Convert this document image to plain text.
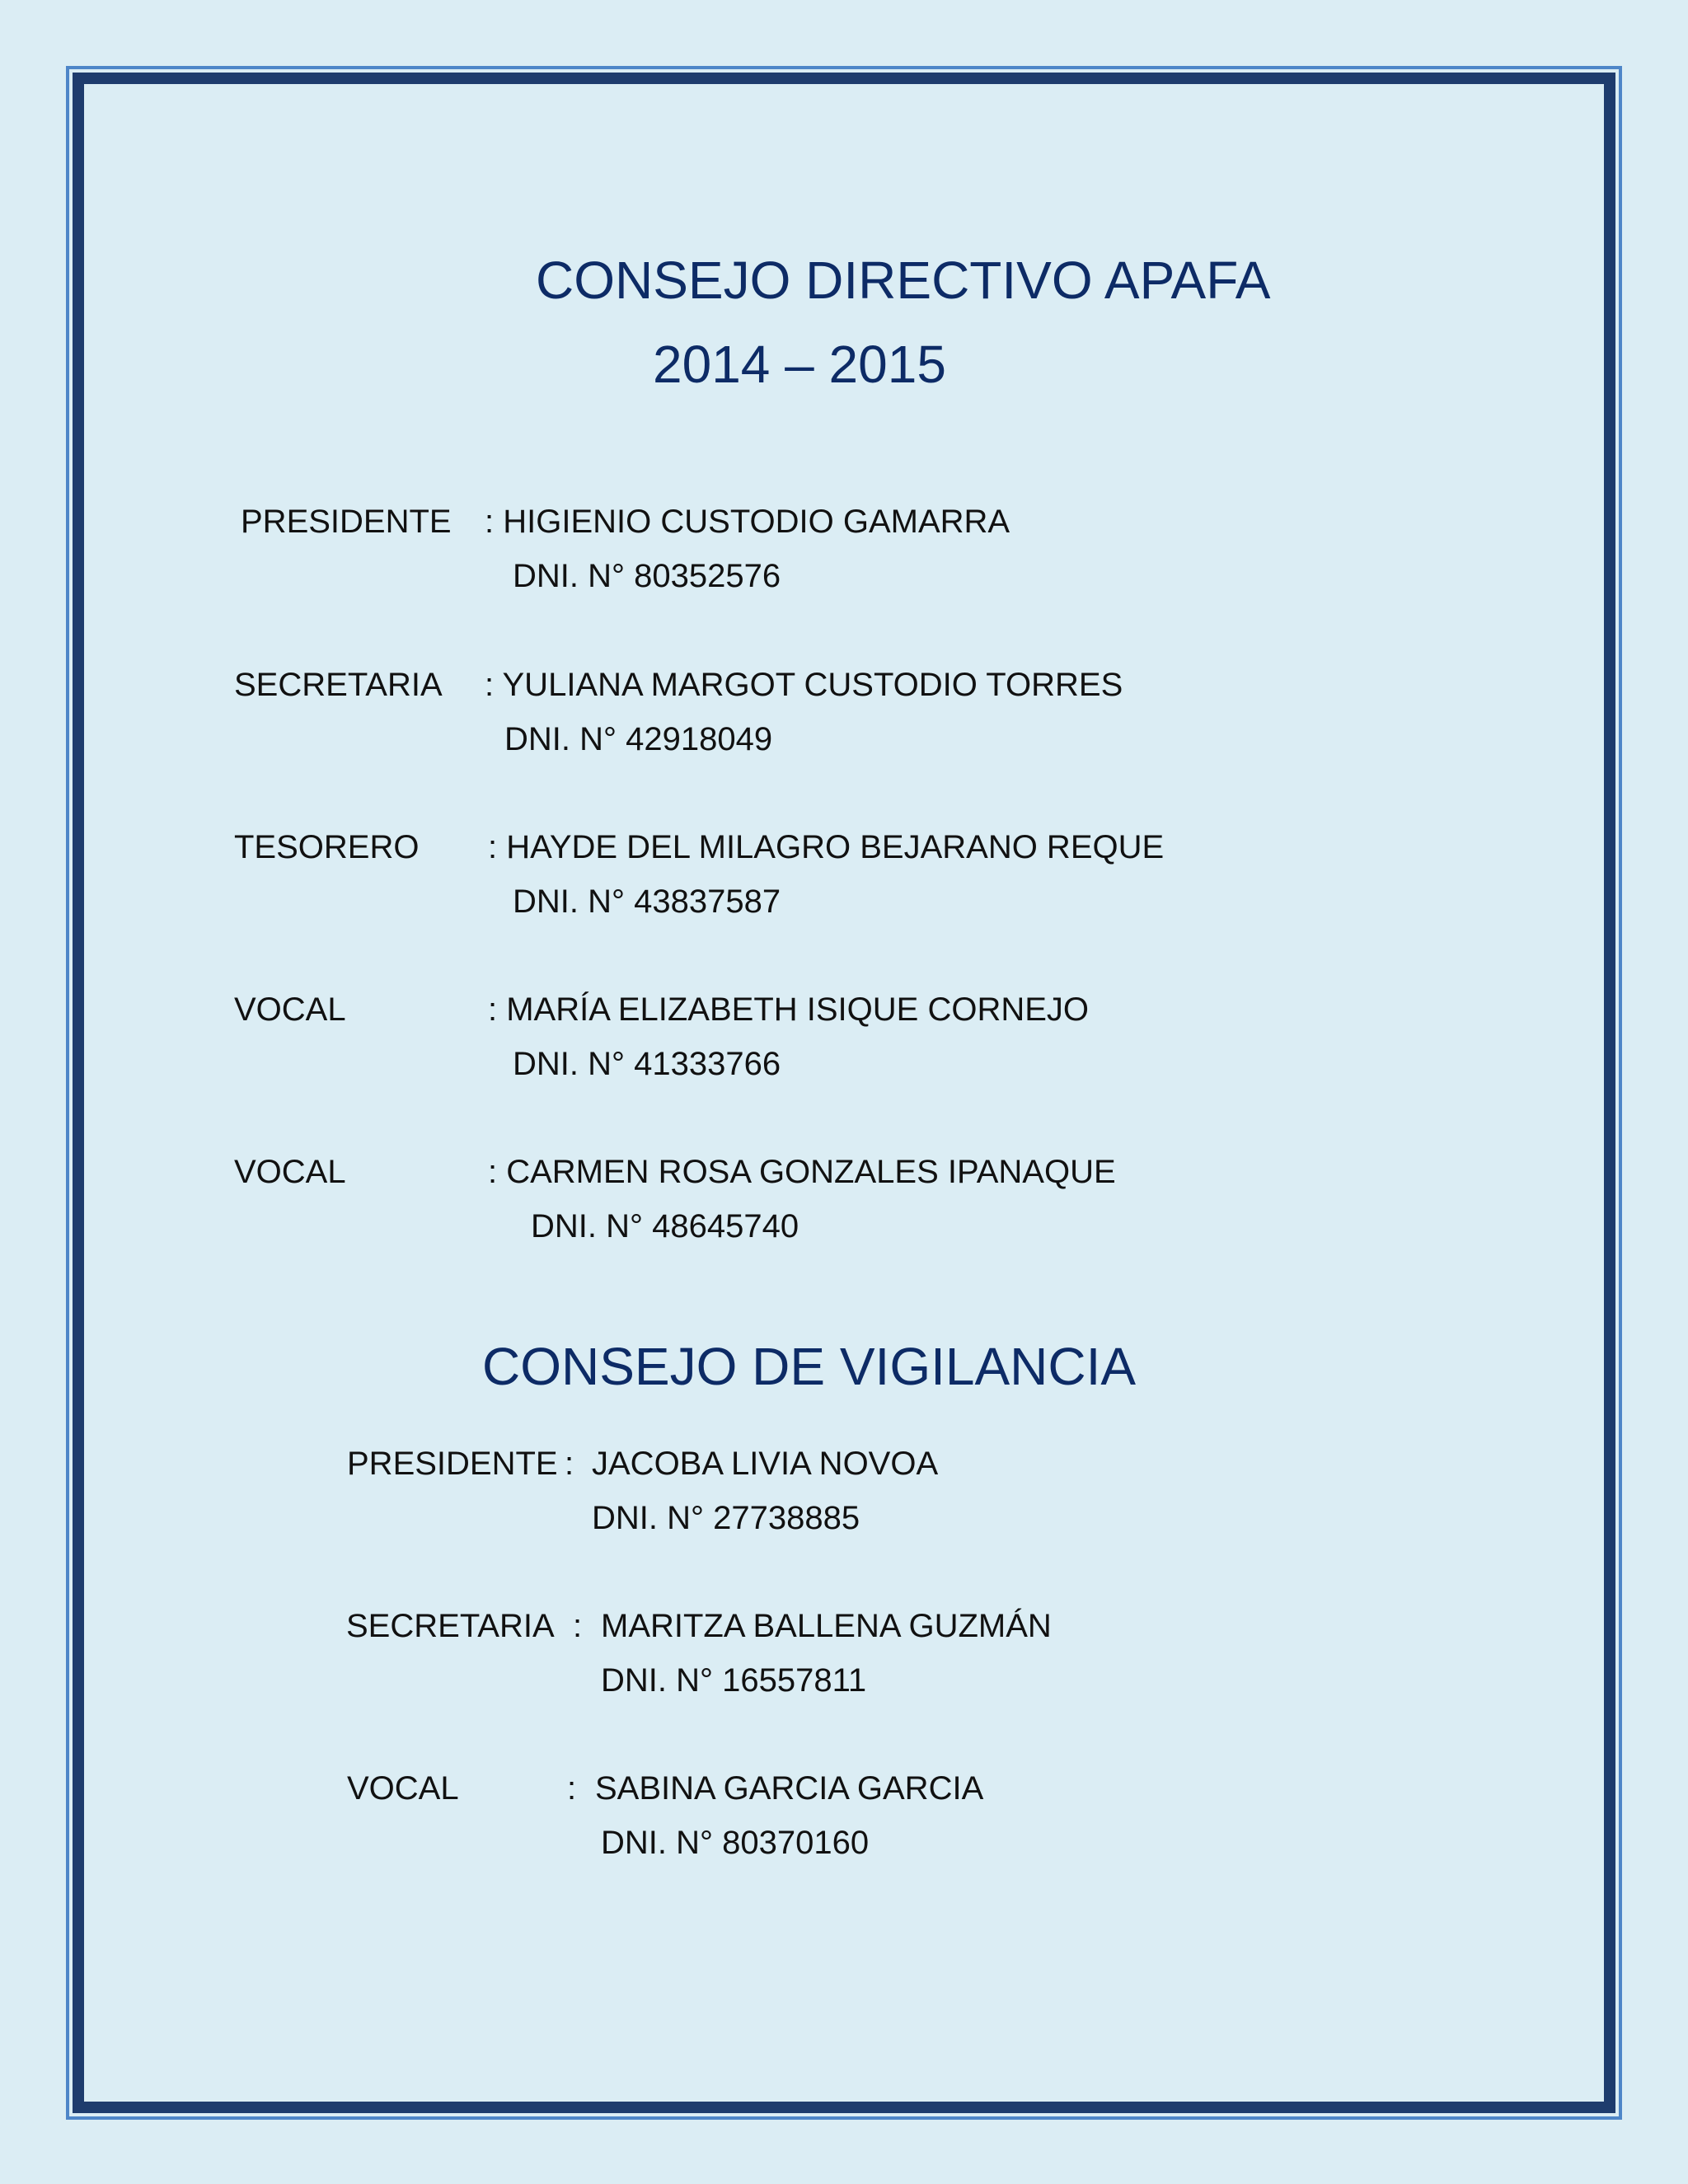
CONSEJO DIRECTIVO APAFA
2014 – 2015
PRESIDENTE : HIGIENIO CUSTODIO GAMARRA
DNI. N° 80352576
SECRETARIA : YULIANA MARGOT CUSTODIO TORRES
DNI. N° 42918049
TESORERO : HAYDE DEL MILAGRO BEJARANO REQUE
DNI. N° 43837587
VOCAL	: MARÍA ELIZABETH ISIQUE CORNEJO
DNI. N° 41333766
VOCAL	: CARMEN ROSA GONZALES IPANAQUE
DNI. N° 48645740
CONSEJO DE VIGILANCIA
PRESIDENTE : JACOBA LIVIA NOVOA
DNI. N° 27738885
SECRETARIA : MARITZA BALLENA GUZMÁN
DNI. N° 16557811
VOCAL	: SABINA GARCIA GARCIA
DNI. N° 80370160
